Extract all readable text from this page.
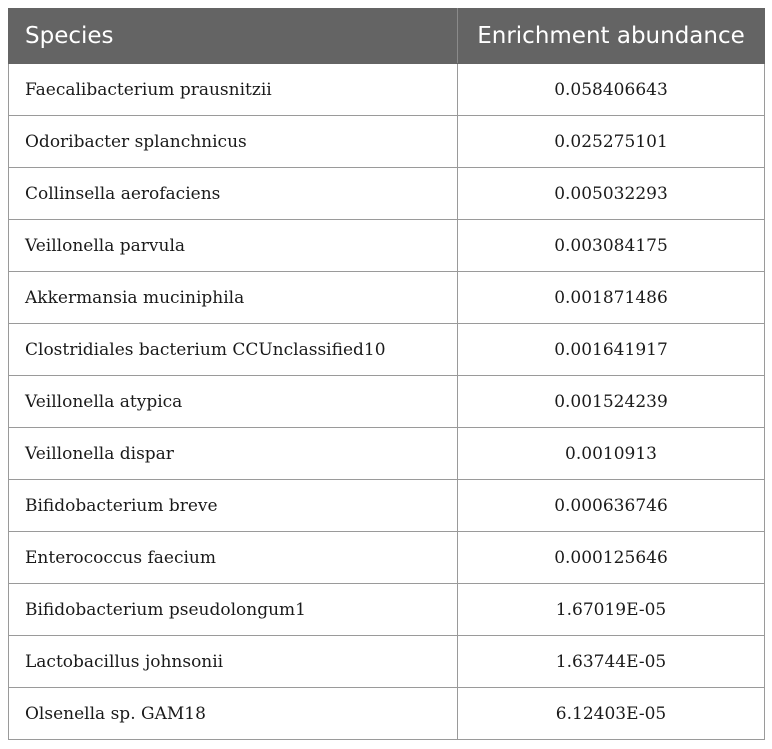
Species	Enrichment abundance
Faecalibacterium prausnitzii	0.058406643
Odoribacter splanchnicus	0.025275101
Collinsella aerofaciens	0.005032293
Veillonella parvula	0.003084175
Akkermansia muciniphila	0.001871486
Clostridiales bacterium CCUnclassified10	0.001641917
Veillonella atypica	0.001524239
Veillonella dispar	0.0010913
Bifidobacterium breve	0.000636746
Enterococcus faecium	0.000125646
Bifidobacterium pseudolongum1	1.67019E-05
Lactobacillus johnsonii	1.63744E-05
Olsenella sp. GAM18	6.12403E-05
